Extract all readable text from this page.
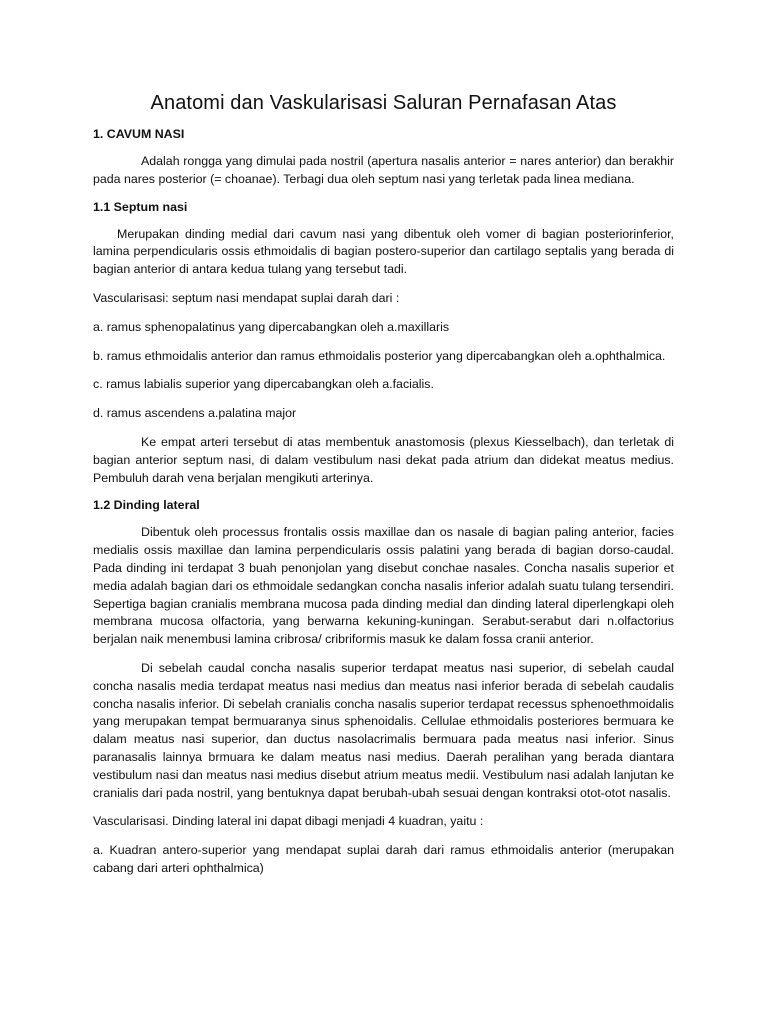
Anatomi dan Vaskularisasi Saluran Pernafasan Atas
1. CAVUM NASI

Adalah rongga yang dimulai pada nostril (apertura nasalis anterior = nares anterior) dan berakhir pada nares posterior (= choanae). Terbagi dua oleh septum nasi yang terletak pada linea mediana.

1.1 Septum nasi

Merupakan dinding medial dari cavum nasi yang dibentuk oleh vomer di bagian posteriorinferior, lamina perpendicularis ossis ethmoidalis di bagian postero-superior dan cartilago septalis yang berada di bagian anterior di antara kedua tulang yang tersebut tadi.

Vascularisasi: septum nasi mendapat suplai darah dari :

a. ramus sphenopalatinus yang dipercabangkan oleh a.maxillaris

b. ramus ethmoidalis anterior dan ramus ethmoidalis posterior yang dipercabangkan oleh a.ophthalmica.

c. ramus labialis superior yang dipercabangkan oleh a.facialis.

d. ramus ascendens a.palatina major

Ke empat arteri tersebut di atas membentuk anastomosis (plexus Kiesselbach), dan terletak di bagian anterior septum nasi, di dalam vestibulum nasi dekat pada atrium dan didekat meatus medius. Pembuluh darah vena berjalan mengikuti arterinya.

1.2 Dinding lateral

Dibentuk oleh processus frontalis ossis maxillae dan os nasale di bagian paling anterior, facies medialis ossis maxillae dan lamina perpendicularis ossis palatini yang berada di bagian dorso-caudal. Pada dinding ini terdapat 3 buah penonjolan yang disebut conchae nasales. Concha nasalis superior et media adalah bagian dari os ethmoidale sedangkan concha nasalis inferior adalah suatu tulang tersendiri. Sepertiga bagian cranialis membrana mucosa pada dinding medial dan dinding lateral diperlengkapi oleh membrana mucosa olfactoria, yang berwarna kekuning-kuningan. Serabut-serabut dari n.olfactorius berjalan naik menembusi lamina cribrosa/ cribriformis masuk ke dalam fossa cranii anterior.

Di sebelah caudal concha nasalis superior terdapat meatus nasi superior, di sebelah caudal concha nasalis media terdapat meatus nasi medius dan meatus nasi inferior berada di sebelah caudalis concha nasalis inferior. Di sebelah cranialis concha nasalis superior terdapat recessus sphenoethmoidalis yang merupakan tempat bermuaranya sinus sphenoidalis. Cellulae ethmoidalis posteriores bermuara ke dalam meatus nasi superior, dan ductus nasolacrimalis bermuara pada meatus nasi inferior. Sinus paranasalis lainnya brmuara ke dalam meatus nasi medius. Daerah peralihan yang berada diantara vestibulum nasi dan meatus nasi medius disebut atrium meatus medii. Vestibulum nasi adalah lanjutan ke cranialis dari pada nostril, yang bentuknya dapat berubah-ubah sesuai dengan kontraksi otot-otot nasalis.

Vascularisasi. Dinding lateral ini dapat dibagi menjadi 4 kuadran, yaitu :

a. Kuadran antero-superior yang mendapat suplai darah dari ramus ethmoidalis anterior (merupakan cabang dari arteri ophthalmica)
